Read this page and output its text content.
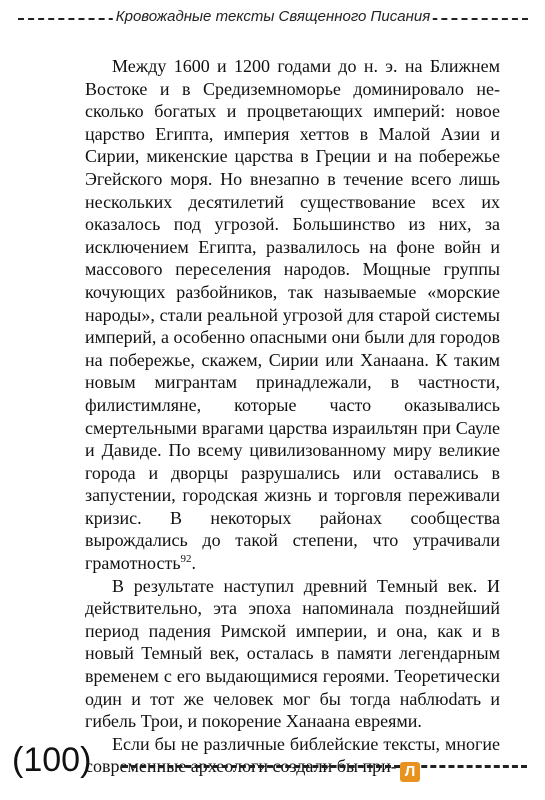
Кровожадные тексты Священного Писания

Между 1600 и 1200 годами до н. э. на Ближнем Востоке и в Средиземноморье доминировало несколько богатых и процветающих империй: новое царство Египта, империя хеттов в Малой Азии и Сирии, микенские царства в Греции и на побережье Эгейского моря. Но внезапно в течение всего лишь нескольких десятилетий существование всех их оказалось под угрозой. Большинство из них, за исключением Египта, развалилось на фоне войн и массового переселения народов. Мощные группы кочующих разбойников, так называемые «морские народы», стали реальной угрозой для старой системы империй, а особенно опасными они были для городов на побережье, скажем, Сирии или Ханаана. К таким новым мигрантам принадлежали, в частности, филистимляне, которые часто оказывались смертельными врагами царства израильтян при Сауле и Давиде. По всему цивилизованному миру великие города и дворцы разрушались или оставались в запустении, городская жизнь и торговля переживали кризис. В некоторых районах сообщества вырождались до такой степени, что утрачивали грамотность$^{92}$.

В результате наступил древний Темный век. И действительно, эта эпоха напоминала позднейший период падения Римской империи, и она, как и в новый Темный век, осталась в памяти легендарным временем с его выдающимися героями. Теоретически один и тот же человек мог бы тогда наблюdать и гибель Трои, и покорение Ханаана евреями.

Если бы не различные библейские тексты, многие современные археологи создали бы при-

(100)	Л
